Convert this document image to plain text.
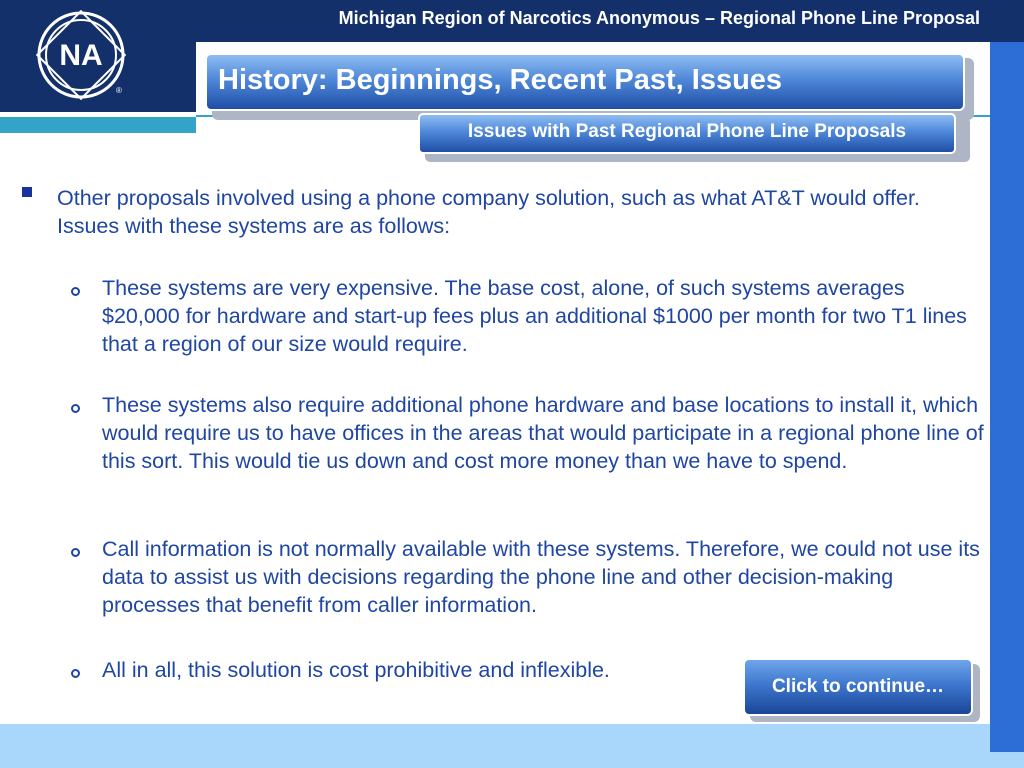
Michigan Region of Narcotics Anonymous – Regional Phone Line Proposal
NA
®	History: Beginnings, Recent Past, Issues
Issues with Past Regional Phone Line Proposals
Other proposals involved using a phone company solution, such as what AT&T would offer. Issues with these systems are as follows:
These systems are very expensive. The base cost, alone, of such systems averages $20,000 for hardware and start-up fees plus an additional $1000 per month for two T1 lines that a region of our size would require.
These systems also require additional phone hardware and base locations to install it, which would require us to have offices in the areas that would participate in a regional phone line of this sort. This would tie us down and cost more money than we have to spend.
Call information is not normally available with these systems. Therefore, we could not use its data to assist us with decisions regarding the phone line and other decision-making processes that benefit from caller information.
All in all, this solution is cost prohibitive and inflexible.
Click to continue…
